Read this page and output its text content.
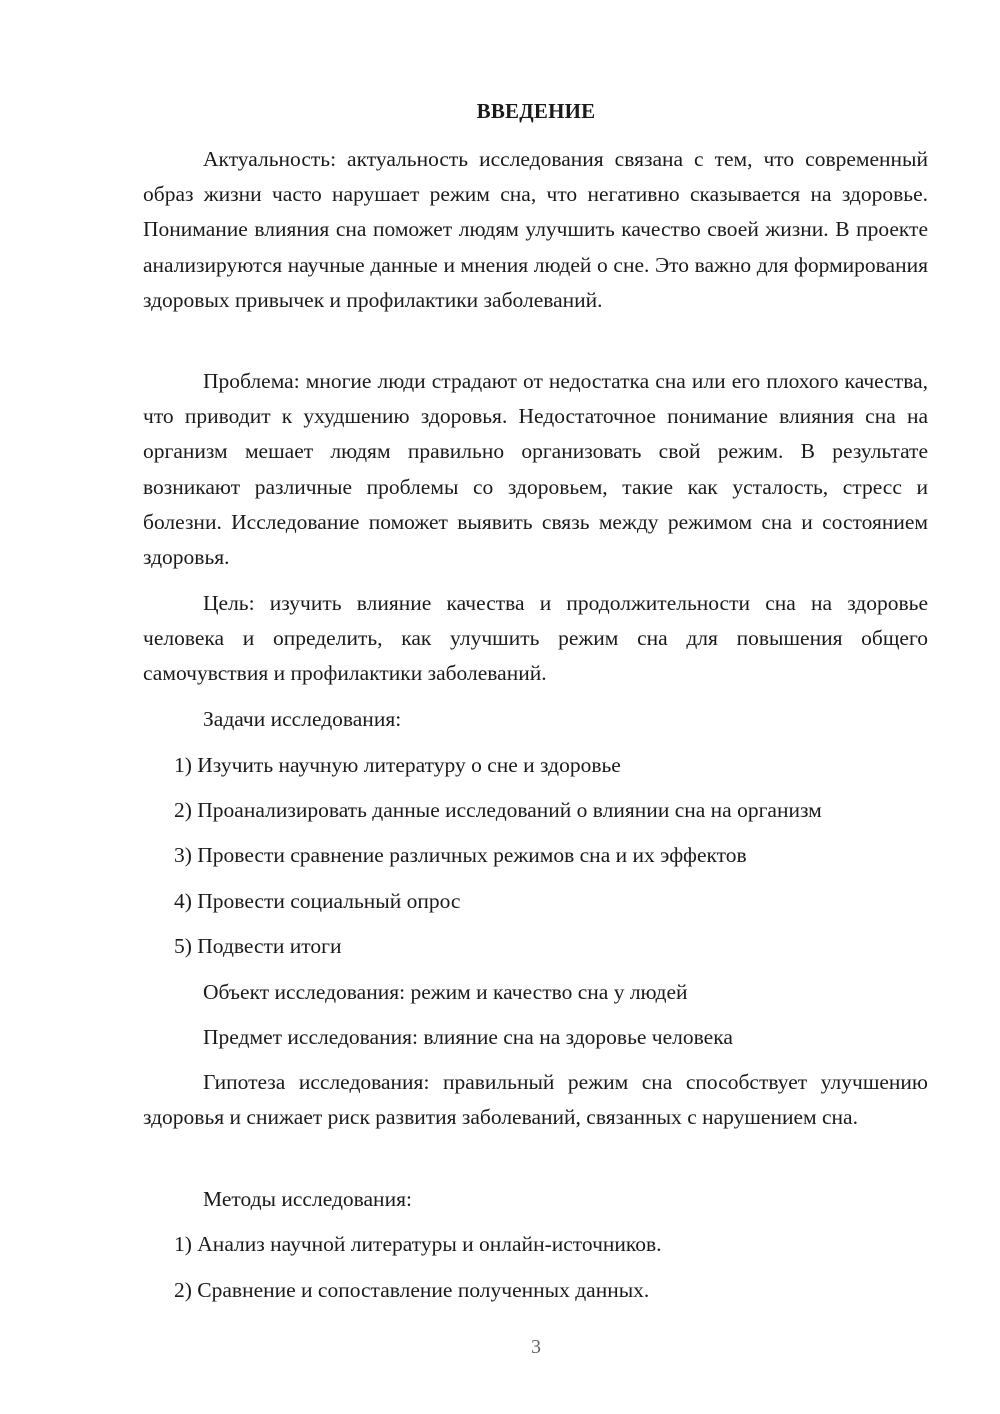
ВВЕДЕНИЕ

Актуальность: актуальность исследования связана с тем, что современный образ жизни часто нарушает режим сна, что негативно сказывается на здоровье. Понимание влияния сна поможет людям улучшить качество своей жизни. В проекте анализируются научные данные и мнения людей о сне. Это важно для формирования здоровых привычек и профилактики заболеваний.

Проблема: многие люди страдают от недостатка сна или его плохого качества, что приводит к ухудшению здоровья. Недостаточное понимание влияния сна на организм мешает людям правильно организовать свой режим. В результате возникают различные проблемы со здоровьем, такие как усталость, стресс и болезни. Исследование поможет выявить связь между режимом сна и состоянием здоровья.

Цель: изучить влияние качества и продолжительности сна на здоровье человека и определить, как улучшить режим сна для повышения общего самочувствия и профилактики заболеваний.

Задачи исследования:

1) Изучить научную литературу о сне и здоровье

2) Проанализировать данные исследований о влиянии сна на организм

3) Провести сравнение различных режимов сна и их эффектов

4) Провести социальный опрос

5) Подвести итоги

Объект исследования: режим и качество сна у людей

Предмет исследования: влияние сна на здоровье человека

Гипотеза исследования: правильный режим сна способствует улучшению здоровья и снижает риск развития заболеваний, связанных с нарушением сна.

Методы исследования:

1) Анализ научной литературы и онлайн-источников.

2) Сравнение и сопоставление полученных данных.

3
